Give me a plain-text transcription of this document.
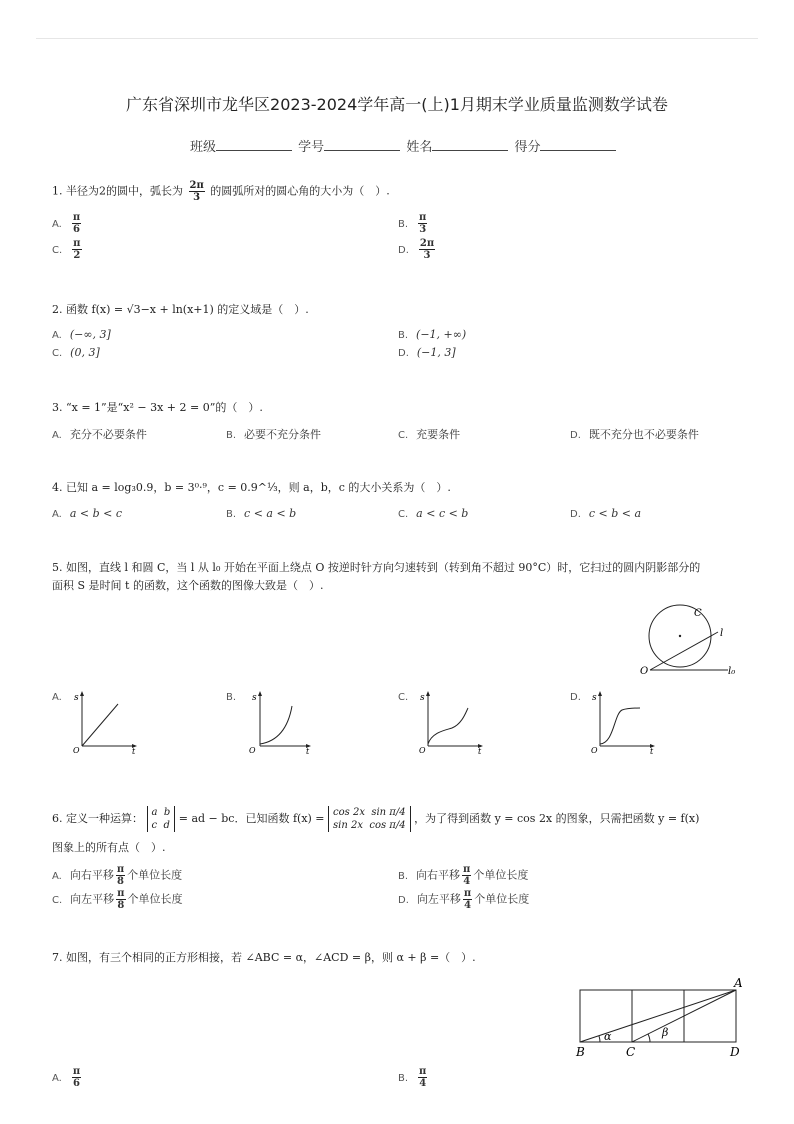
广东省深圳市龙华区2023-2024学年高一(上)1月期末学业质量监测数学试卷
班级	学号	姓名	得分
1. 半径为2的圆中，弧长为 $\frac{2\pi}{3}$ 的圆弧所对的圆心角的大小为（　）.
A. $\frac{\pi}{6}$	B. $\frac{\pi}{3}$
C. $\frac{\pi}{2}$	D. $\frac{2\pi}{3}$
2. 函数 f(x) = √3−x + ln(x+1) 的定义域是（　）.
A. (−∞, 3]	B. (−1, +∞)
C. (0, 3]	D. (−1, 3]
3. “x = 1”是“x² − 3x + 2 = 0”的（　）.
A. 充分不必要条件	B. 必要不充分条件	C. 充要条件	D. 既不充分也不必要条件
4. 已知 a = log₃0.9，b = 3⁰·⁹，c = 0.9^⅓，则 a，b，c 的大小关系为（　）.
A. a < b < c	B. c < a < b	C. a < c < b	D. c < b < a
5. 如图，直线 l 和圆 C，当 l 从 l₀ 开始在平面上绕点 O 按逆时针方向匀速转到（转到角不超过 90°C）时，它扫过的圆内阴影部分的
面积 S 是时间 t 的函数，这个函数的图像大致是（　）.
C
l
O	l₀
A.	B.	C.	D.
s
t
O
s
t
O
s
t
O
s
t
O
6. 定义一种运算： a b
c d = ad − bc．已知函数 f(x) = cos 2x sin π/4
sin 2x cos π/4 ，为了得到函数 y = cos 2x 的图象，只需把函数 y = f(x)
图象上的所有点（　）.
A. 向右平移 $\frac{\pi}{8}$ 个单位长度	B. 向右平移 $\frac{\pi}{4}$ 个单位长度
C. 向左平移 $\frac{\pi}{8}$ 个单位长度	D. 向左平移 $\frac{\pi}{4}$ 个单位长度
7. 如图，有三个相同的正方形相接，若 ∠ABC = α，∠ACD = β，则 α + β =（　）.
A
B	C	D
α	β
A. $\frac{\pi}{6}$	B. $\frac{\pi}{4}$
